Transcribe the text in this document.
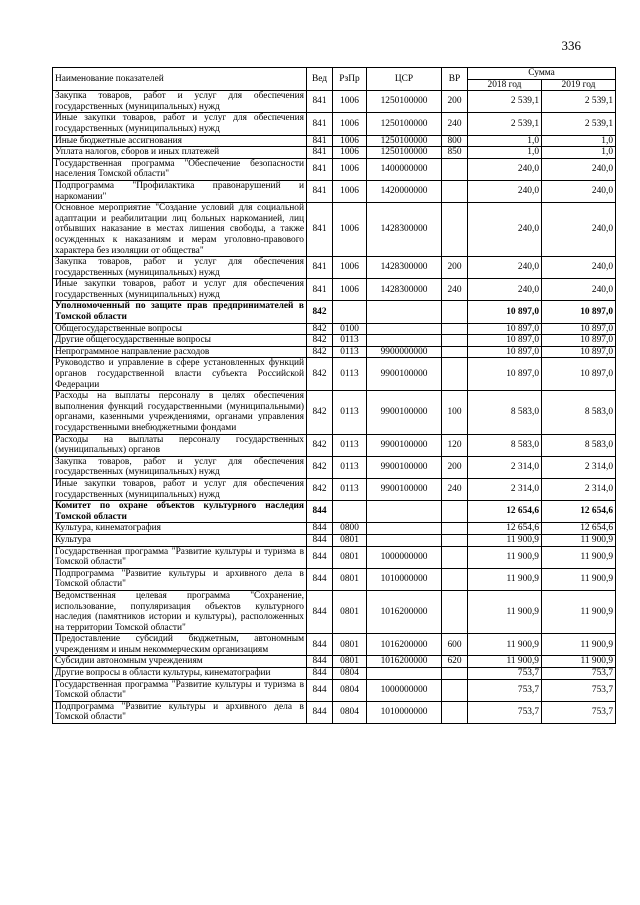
336
Наименование показателей	Вед	РзПр	ЦСР	ВР	Сумма	
					2018 год	2019 год
Закупка товаров, работ и услуг для обеспечения государственных (муниципальных) нужд	841	1006	1250100000	200	2 539,1	2 539,1
Иные закупки товаров, работ и услуг для обеспечения государственных (муниципальных) нужд	841	1006	1250100000	240	2 539,1	2 539,1
Иные бюджетные ассигнования	841	1006	1250100000	800	1,0	1,0
Уплата налогов, сборов и иных платежей	841	1006	1250100000	850	1,0	1,0
Государственная программа "Обеспечение безопасности населения Томской области"	841	1006	1400000000		240,0	240,0
Подпрограмма "Профилактика правонарушений и наркомании"	841	1006	1420000000		240,0	240,0
Основное мероприятие "Создание условий для социальной адаптации и реабилитации лиц больных наркоманией, лиц отбывших наказание в местах лишения свободы, а также осужденных к наказаниям и мерам уголовно-правового характера без изоляции от общества"	841	1006	1428300000		240,0	240,0
Закупка товаров, работ и услуг для обеспечения государственных (муниципальных) нужд	841	1006	1428300000	200	240,0	240,0
Иные закупки товаров, работ и услуг для обеспечения государственных (муниципальных) нужд	841	1006	1428300000	240	240,0	240,0
Уполномоченный по защите прав предпринимателей в Томской области	842				10 897,0	10 897,0
Общегосударственные вопросы	842	0100			10 897,0	10 897,0
Другие общегосударственные вопросы	842	0113			10 897,0	10 897,0
Непрограммное направление расходов	842	0113	9900000000		10 897,0	10 897,0
Руководство и управление в сфере установленных функций органов государственной власти субъекта Российской Федерации	842	0113	9900100000		10 897,0	10 897,0
Расходы на выплаты персоналу в целях обеспечения выполнения функций государственными (муниципальными) органами, казенными учреждениями, органами управления государственными внебюджетными фондами	842	0113	9900100000	100	8 583,0	8 583,0
Расходы на выплаты персоналу государственных (муниципальных) органов	842	0113	9900100000	120	8 583,0	8 583,0
Закупка товаров, работ и услуг для обеспечения государственных (муниципальных) нужд	842	0113	9900100000	200	2 314,0	2 314,0
Иные закупки товаров, работ и услуг для обеспечения государственных (муниципальных) нужд	842	0113	9900100000	240	2 314,0	2 314,0
Комитет по охране объектов культурного наследия Томской области	844				12 654,6	12 654,6
Культура, кинематография	844	0800			12 654,6	12 654,6
Культура	844	0801			11 900,9	11 900,9
Государственная программа "Развитие культуры и туризма в Томской области"	844	0801	1000000000		11 900,9	11 900,9
Подпрограмма "Развитие культуры и архивного дела в Томской области"	844	0801	1010000000		11 900,9	11 900,9
Ведомственная целевая программа "Сохранение, использование, популяризация объектов культурного наследия (памятников истории и культуры), расположенных на территории Томской области"	844	0801	1016200000		11 900,9	11 900,9
Предоставление субсидий бюджетным, автономным учреждениям и иным некоммерческим организациям	844	0801	1016200000	600	11 900,9	11 900,9
Субсидии автономным учреждениям	844	0801	1016200000	620	11 900,9	11 900,9
Другие вопросы в области культуры, кинематографии	844	0804			753,7	753,7
Государственная программа "Развитие культуры и туризма в Томской области"	844	0804	1000000000		753,7	753,7
Подпрограмма "Развитие культуры и архивного дела в Томской области"	844	0804	1010000000		753,7	753,7
